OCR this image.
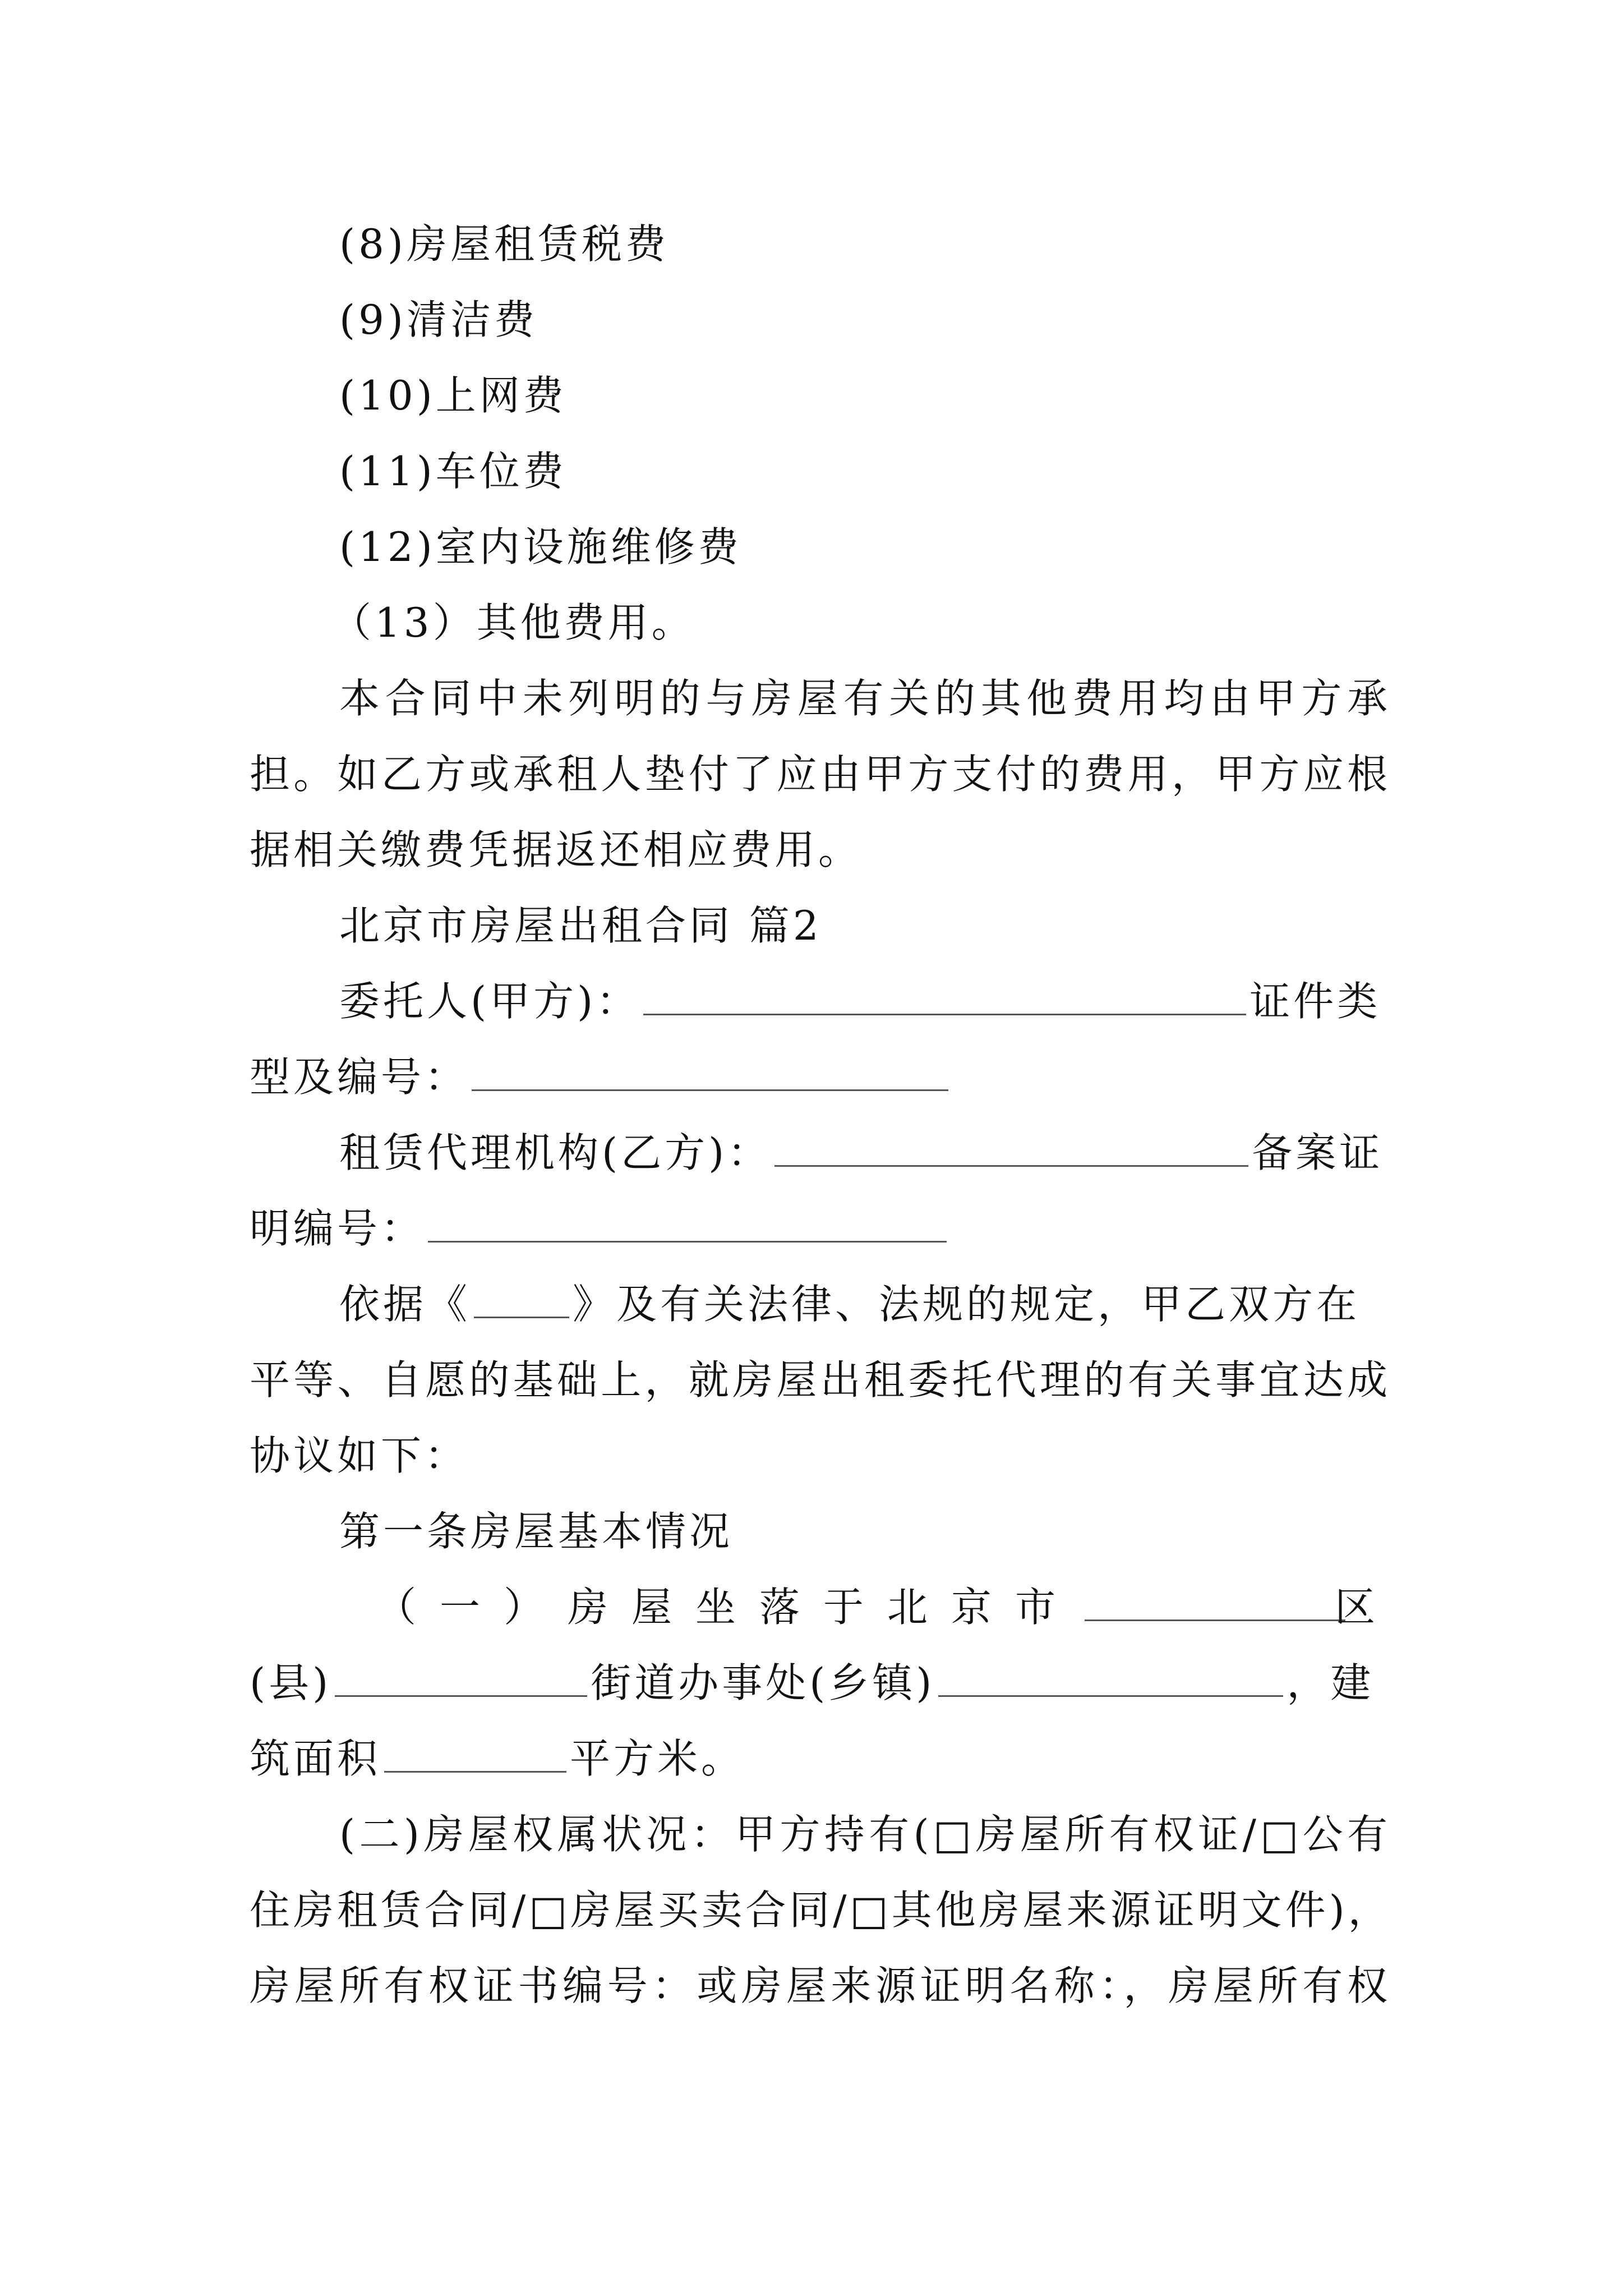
(8)房屋租赁税费
(9)清洁费
(10)上网费
(11)车位费
(12)室内设施维修费
（13）其他费用。
本合同中未列明的与房屋有关的其他费用均由甲方承
担。如乙方或承租人垫付了应由甲方支付的费用，甲方应根
据相关缴费凭据返还相应费用。
北京市房屋出租合同 篇2
委托人(甲方)：	证件类
型及编号：
租赁代理机构(乙方)：	备案证
明编号：
依据《	》及有关法律、法规的规定，甲乙双方在
平等、自愿的基础上，就房屋出租委托代理的有关事宜达成
协议如下：
第一条房屋基本情况
（一）房屋坐落于北京市	区
(县)	街道办事处(乡镇)	，建
筑面积	平方米。
(二)房屋权属状况：甲方持有(□房屋所有权证/□公有
住房租赁合同/□房屋买卖合同/□其他房屋来源证明文件)，
房屋所有权证书编号：或房屋来源证明名称：，房屋所有权
